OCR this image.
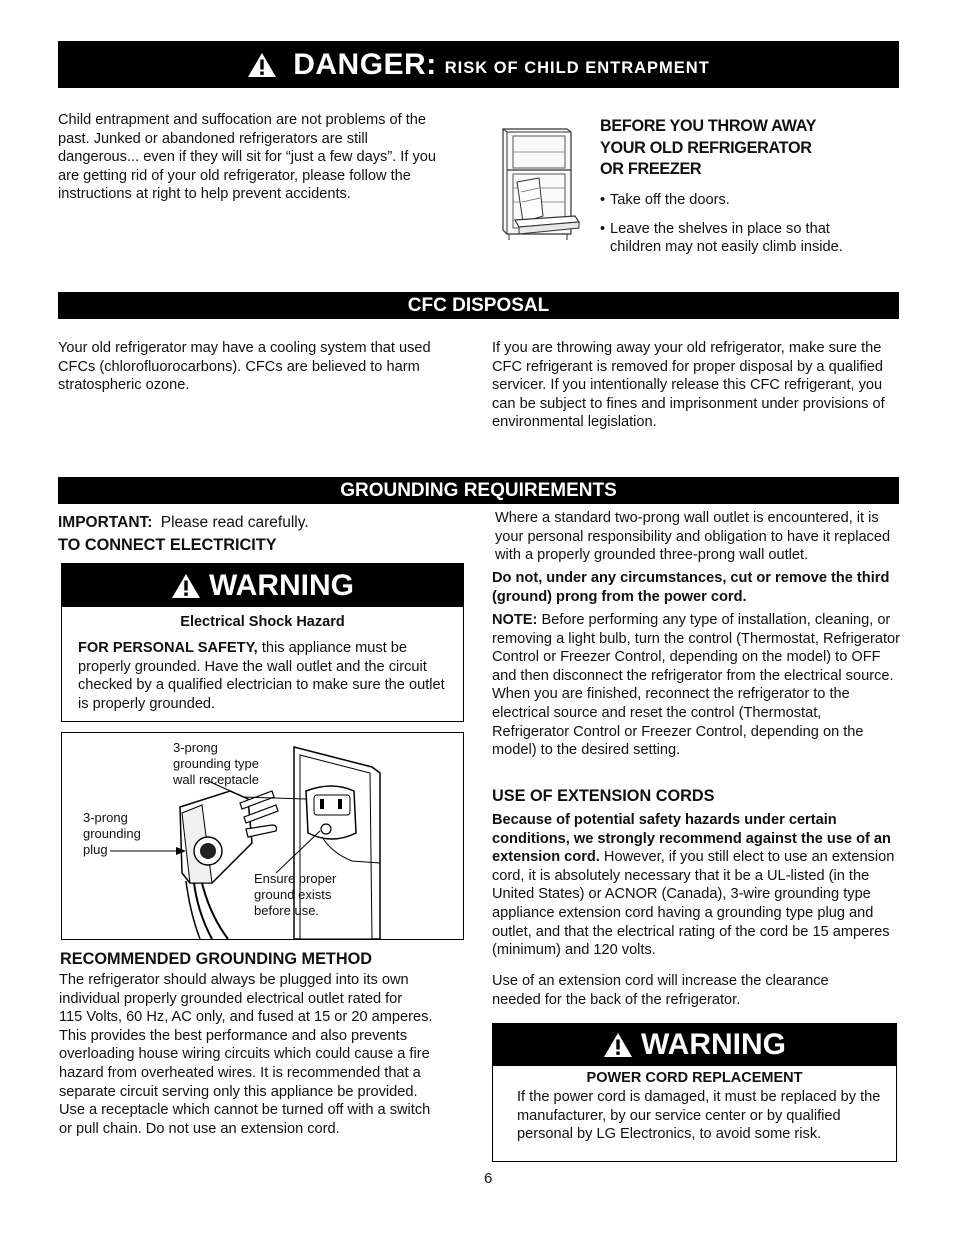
DANGER: RISK OF CHILD ENTRAPMENT
Child entrapment and suffocation are not problems of the past. Junked or abandoned refrigerators are still dangerous... even if they will sit for “just a few days”. If you are getting rid of your old refrigerator, please follow the instructions at right to help prevent accidents.
BEFORE YOU THROW AWAY
YOUR OLD REFRIGERATOR
OR FREEZER
• Take off the doors.
• Leave the shelves in place so that children may not easily climb inside.
CFC DISPOSAL
Your old refrigerator may have a cooling system that used CFCs (chlorofluorocarbons). CFCs are believed to harm stratospheric ozone.
If you are throwing away your old refrigerator, make sure the CFC refrigerant is removed for proper disposal by a qualified servicer. If you intentionally release this CFC refrigerant, you can be subject to fines and imprisonment under provisions of environmental legislation.
GROUNDING REQUIREMENTS
IMPORTANT: Please read carefully.
TO CONNECT ELECTRICITY
WARNING
Electrical Shock Hazard
FOR PERSONAL SAFETY, this appliance must be properly grounded. Have the wall outlet and the circuit checked by a qualified electrician to make sure the outlet is properly grounded.
3-prong
grounding type
wall receptacle
3-prong
grounding
plug
Ensure proper
ground exists
before use.
RECOMMENDED GROUNDING METHOD
The refrigerator should always be plugged into its own
individual properly grounded electrical outlet rated for
115 Volts, 60 Hz, AC only, and fused at 15 or 20 amperes.
This provides the best performance and also prevents
overloading house wiring circuits which could cause a fire
hazard from overheated wires. It is recommended that a
separate circuit serving only this appliance be provided.
Use a receptacle which cannot be turned off with a switch
or pull chain. Do not use an extension cord.
Where a standard two-prong wall outlet is encountered, it is your personal responsibility and obligation to have it replaced with a properly grounded three-prong wall outlet.
Do not, under any circumstances, cut or remove the third (ground) prong from the power cord.
NOTE: Before performing any type of installation, cleaning, or removing a light bulb, turn the control (Thermostat, Refrigerator Control or Freezer Control, depending on the model) to OFF and then disconnect the refrigerator from the electrical source. When you are finished, reconnect the refrigerator to the electrical source and reset the control (Thermostat, Refrigerator Control or Freezer Control, depending on the model) to the desired setting.
USE OF EXTENSION CORDS
Because of potential safety hazards under certain conditions, we strongly recommend against the use of an extension cord. However, if you still elect to use an extension cord, it is absolutely necessary that it be a UL-listed (in the United States) or ACNOR (Canada), 3-wire grounding type appliance extension cord having a grounding type plug and outlet, and that the electrical rating of the cord be 15 amperes (minimum) and 120 volts.
Use of an extension cord will increase the clearance needed for the back of the refrigerator.
WARNING
POWER CORD REPLACEMENT
If the power cord is damaged, it must be replaced by the manufacturer, by our service center or by qualified personal by LG Electronics, to avoid some risk.
6
